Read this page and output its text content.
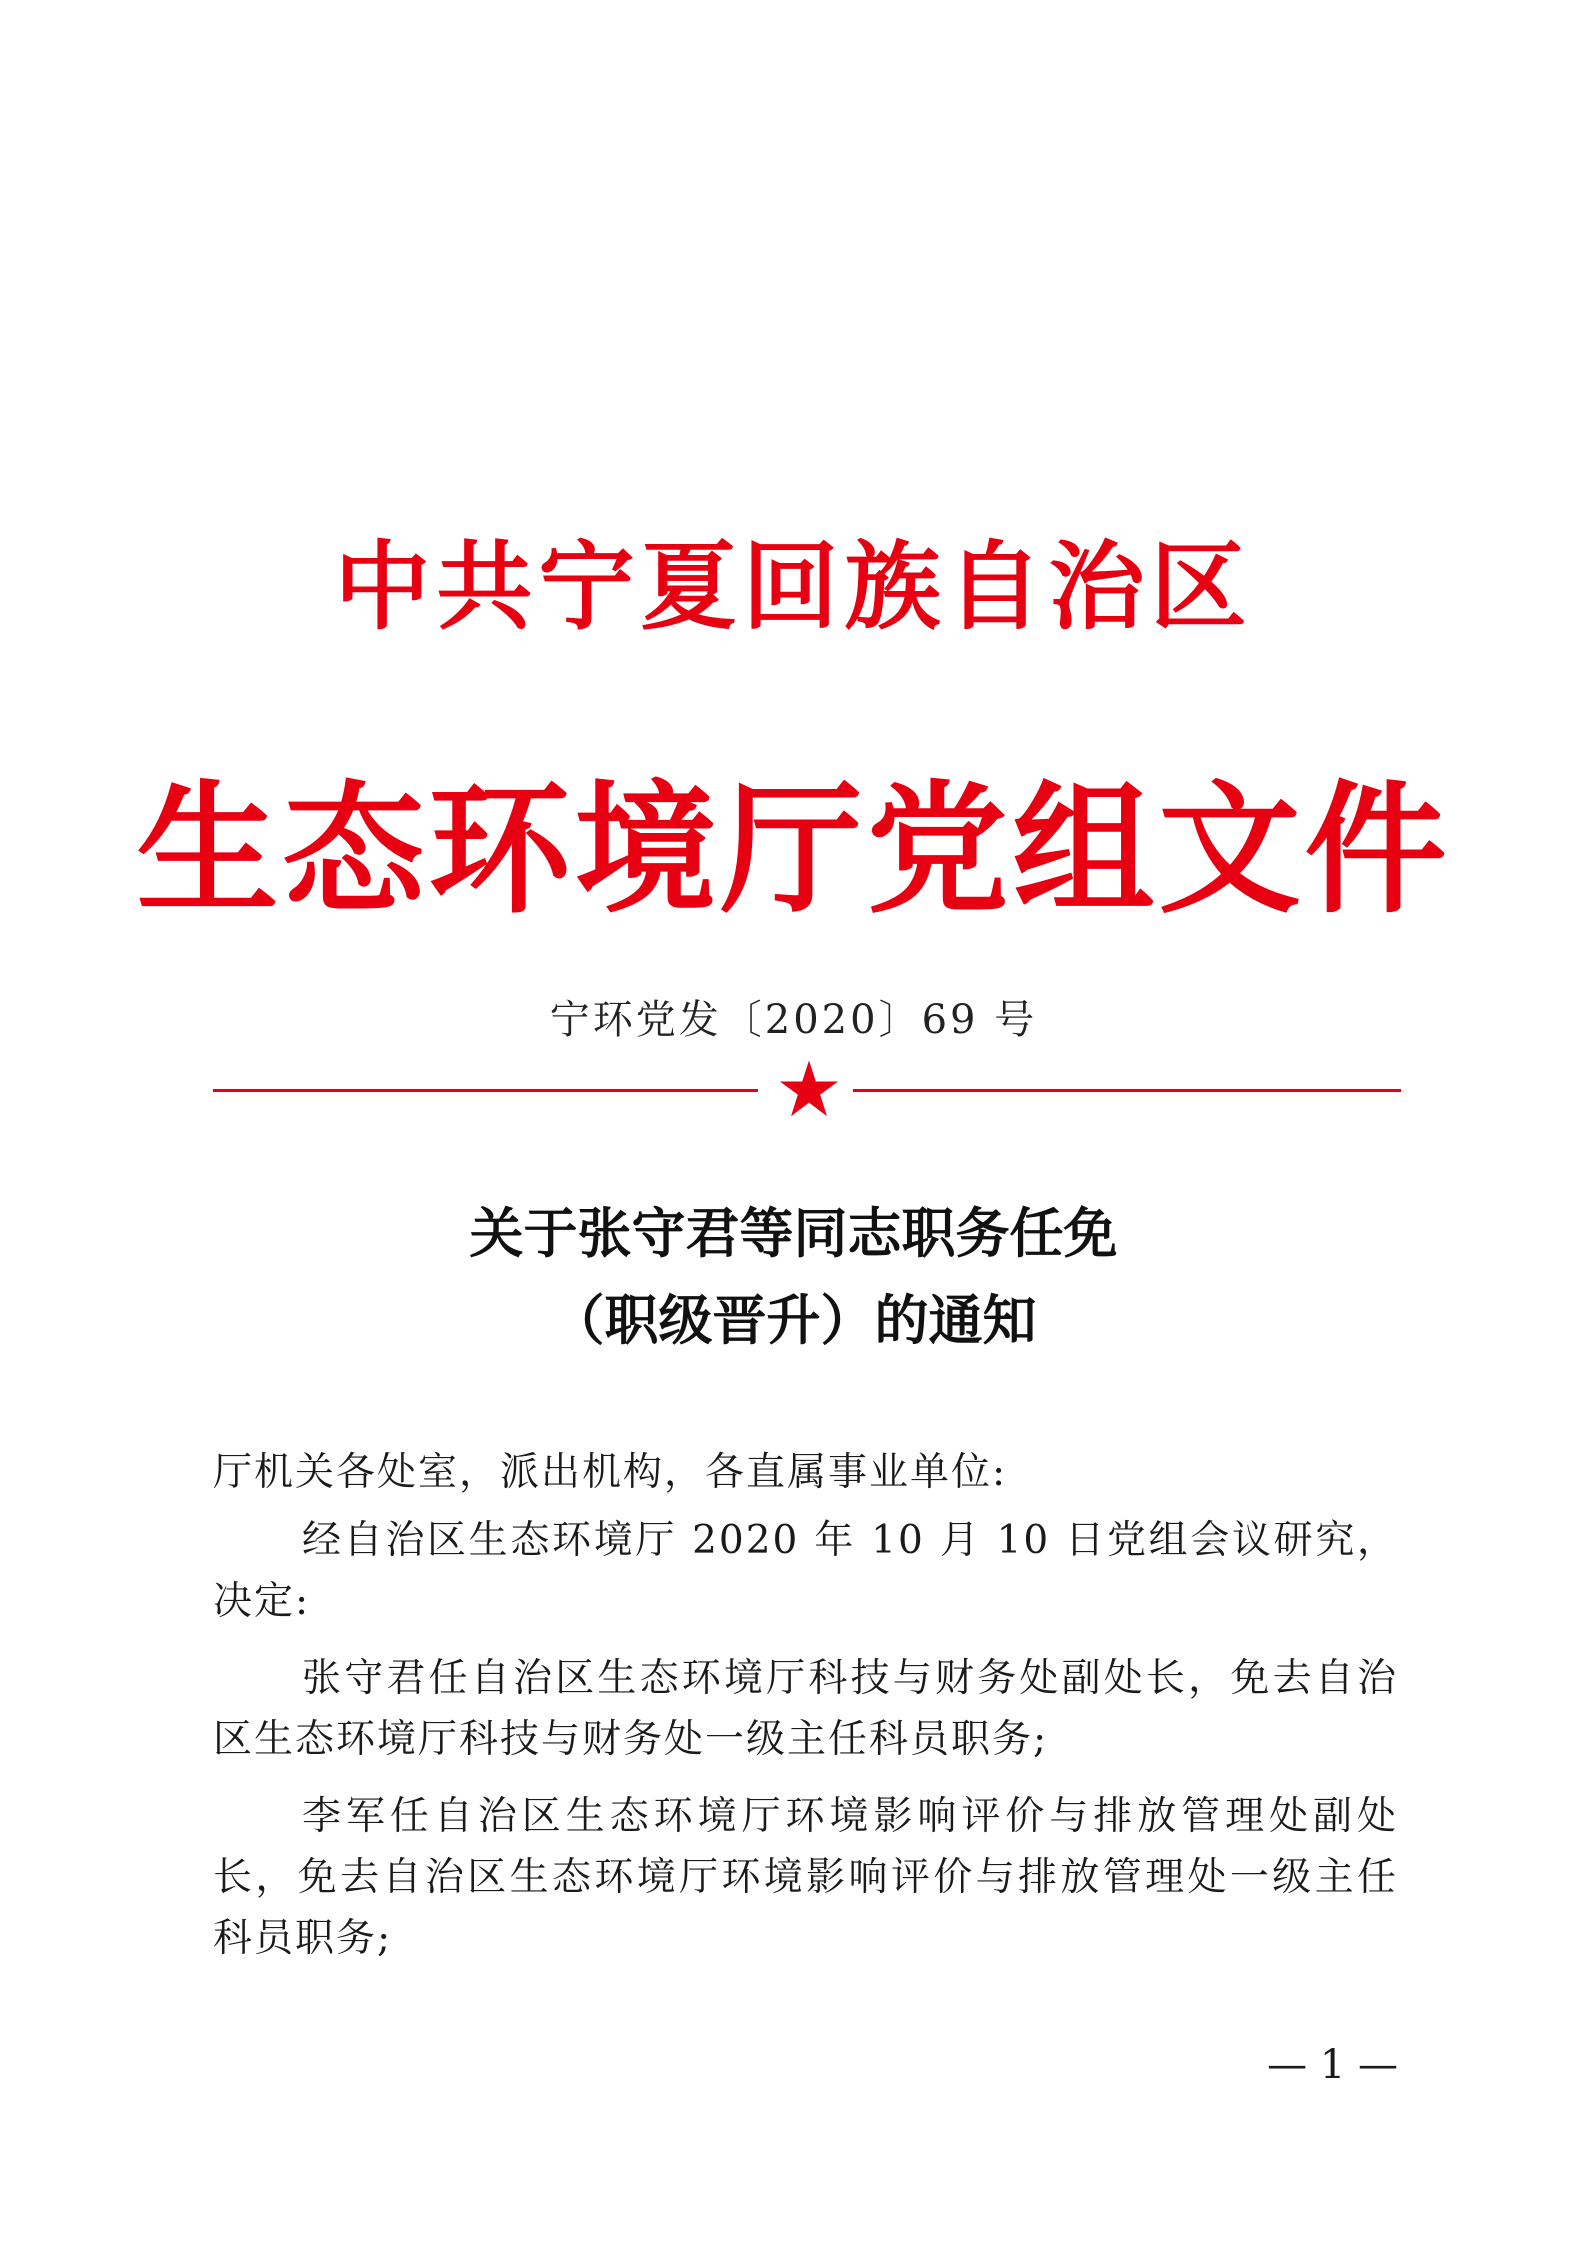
中共宁夏回族自治区
生态环境厅党组文件
宁环党发〔2020〕69 号
关于张守君等同志职务任免
（职级晋升）的通知
厅机关各处室，派出机构，各直属事业单位:
经自治区生态环境厅 2020 年 10 月 10 日党组会议研究，决定:
张守君任自治区生态环境厅科技与财务处副处长，免去自治区生态环境厅科技与财务处一级主任科员职务;
李军任自治区生态环境厅环境影响评价与排放管理处副处长，免去自治区生态环境厅环境影响评价与排放管理处一级主任科员职务;
— 1 —
